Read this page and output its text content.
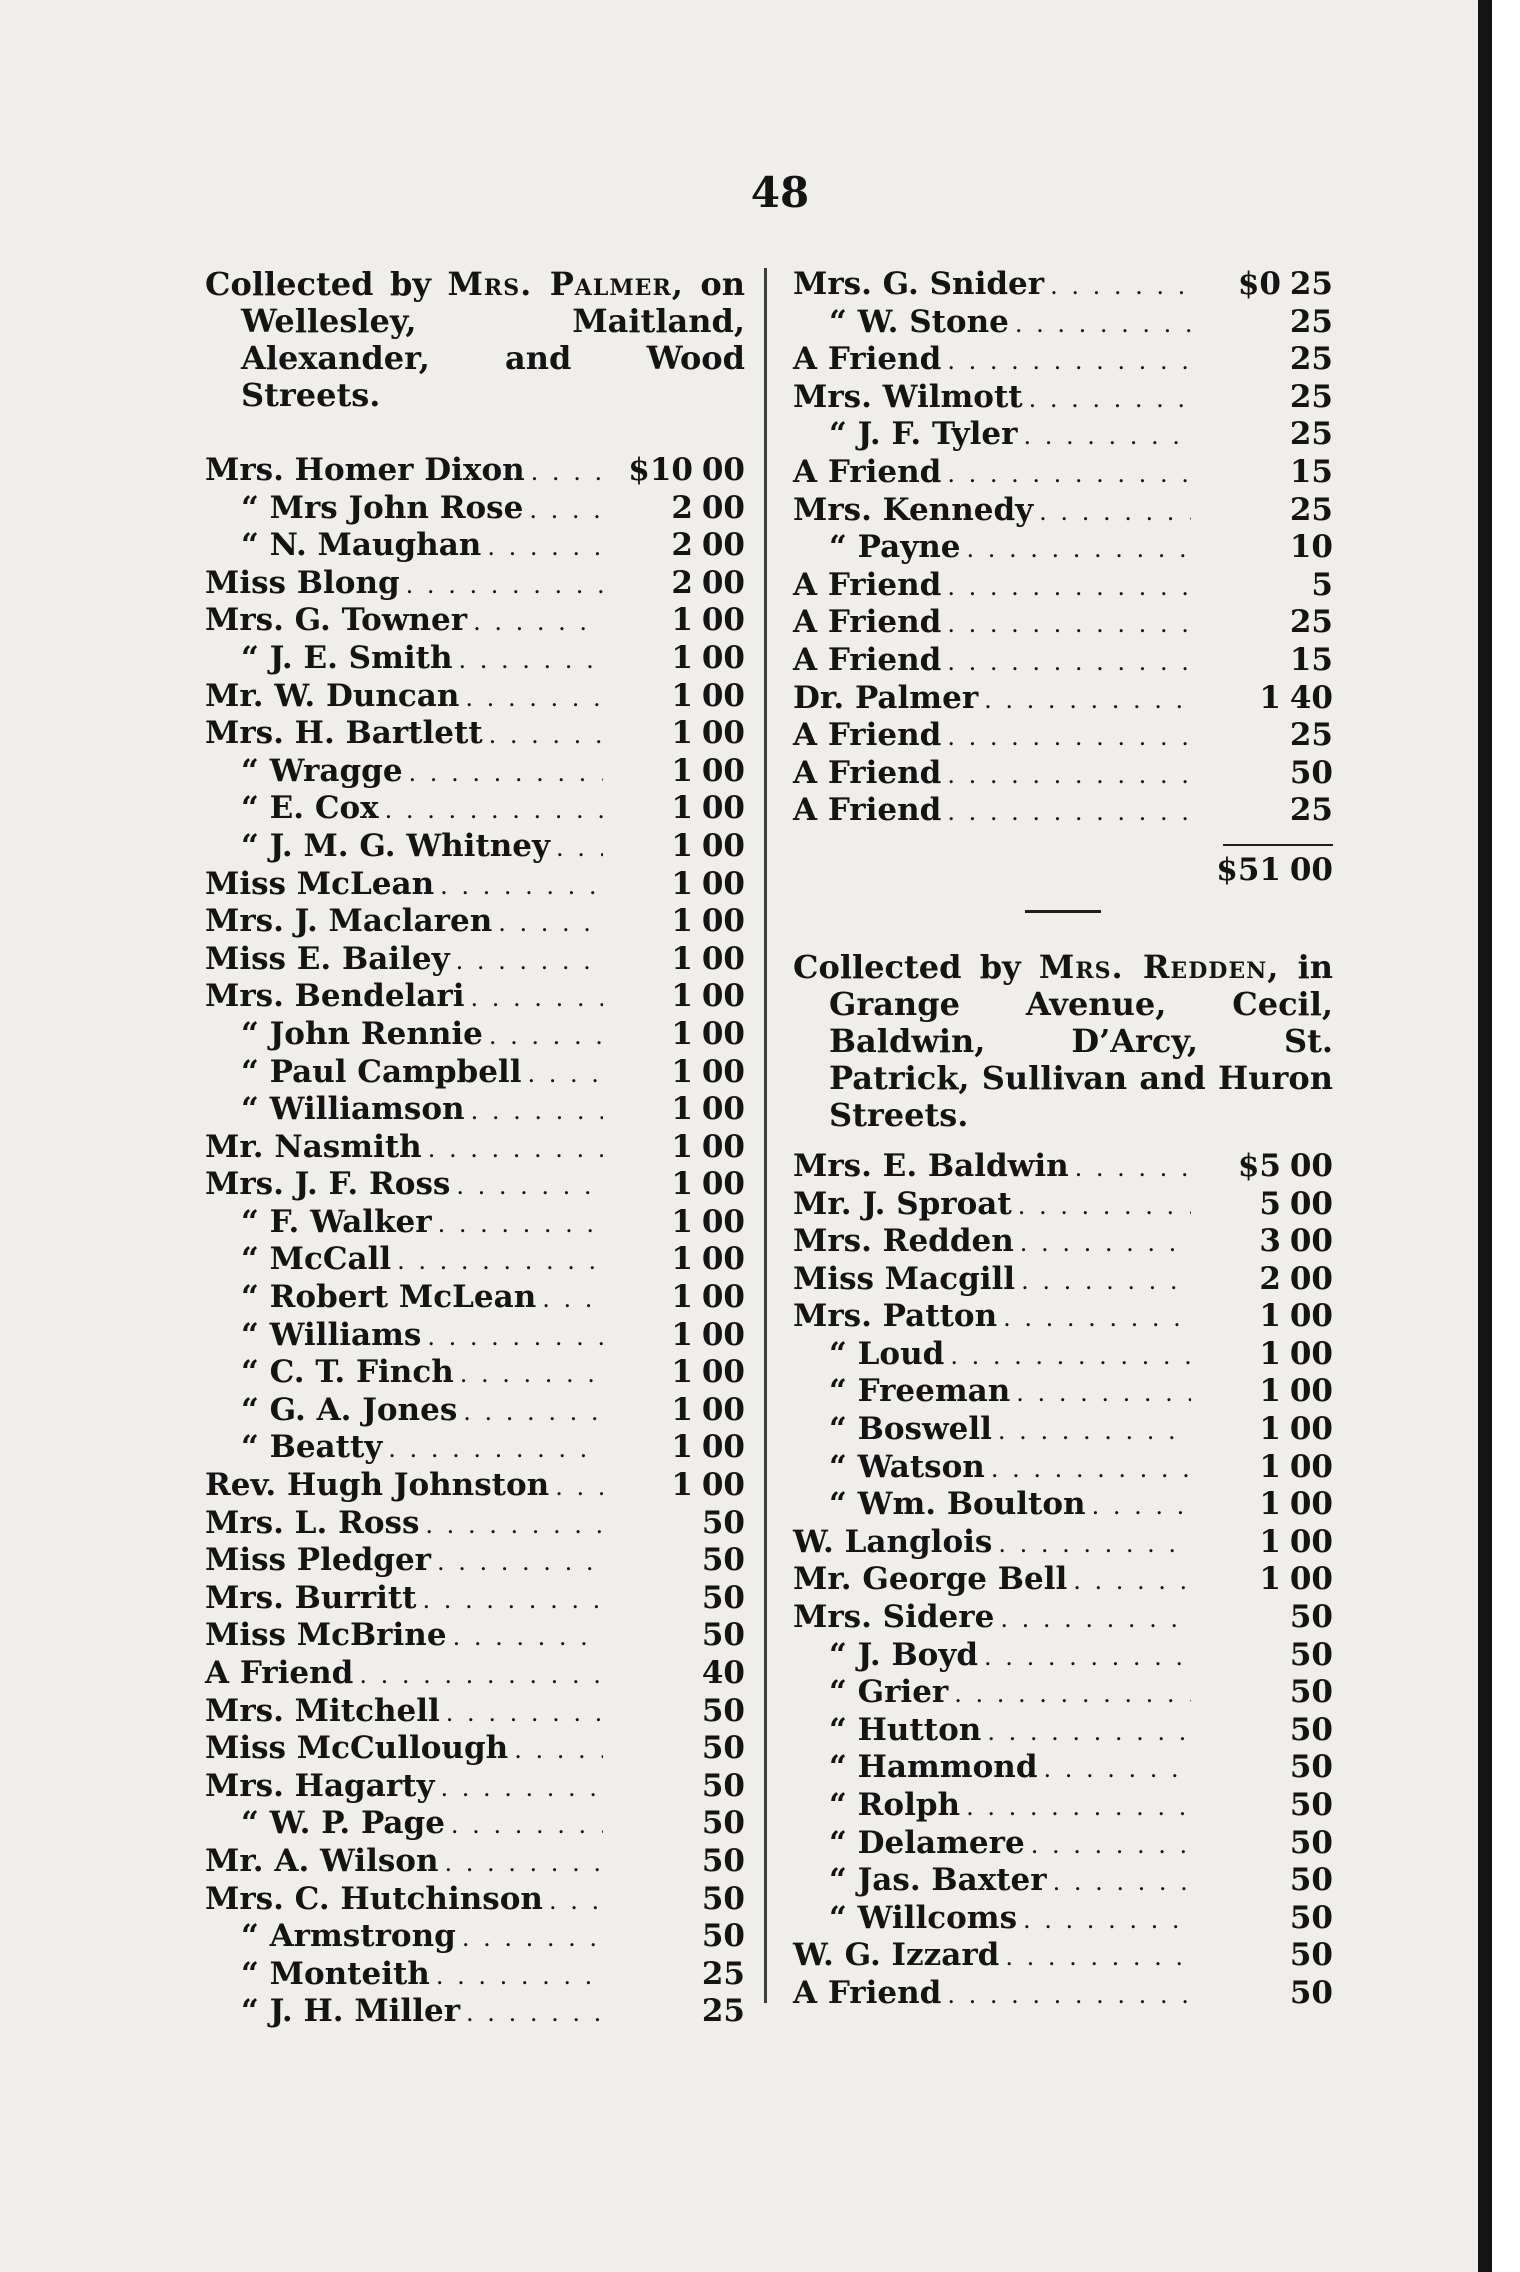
48
Collected by Mrs. Palmer, on Wellesley, Maitland, Alexander, and Wood Streets.
Mrs. Homer Dixon . . .	$10 00
“ Mrs John Rose . . .	2 00
“ N. Maughan . . .	2 00
Miss Blong . . .	2 00
Mrs. G. Towner . . .	1 00
“ J. E. Smith . . .	1 00
Mr. W. Duncan . . .	1 00
Mrs. H. Bartlett . . .	1 00
“ Wragge . . .	1 00
“ E. Cox . . .	1 00
“ J. M. G. Whitney . . .	1 00
Miss McLean . . .	1 00
Mrs. J. Maclaren . . .	1 00
Miss E. Bailey . . .	1 00
Mrs. Bendelari . . .	1 00
“ John Rennie . . .	1 00
“ Paul Campbell . . .	1 00
“ Williamson . . .	1 00
Mr. Nasmith . . .	1 00
Mrs. J. F. Ross . . .	1 00
“ F. Walker . . .	1 00
“ McCall . . .	1 00
“ Robert McLean . . .	1 00
“ Williams . . .	1 00
“ C. T. Finch . . .	1 00
“ G. A. Jones . . .	1 00
“ Beatty . . .	1 00
Rev. Hugh Johnston . . .	1 00
Mrs. L. Ross . . .	50
Miss Pledger . . .	50
Mrs. Burritt . . .	50
Miss McBrine . . .	50
A Friend . . .	40
Mrs. Mitchell . . .	50
Miss McCullough . . .	50
Mrs. Hagarty . . .	50
“ W. P. Page . . .	50
Mr. A. Wilson . . .	50
Mrs. C. Hutchinson . . .	50
“ Armstrong . . .	50
“ Monteith . . .	25
“ J. H. Miller . . .	25
Mrs. G. Snider . . .	$0 25
“ W. Stone . . .	25
A Friend . . .	25
Mrs. Wilmott . . .	25
“ J. F. Tyler . . .	25
A Friend . . .	15
Mrs. Kennedy . . .	25
“ Payne . . .	10
A Friend . . .	5
A Friend . . .	25
A Friend . . .	15
Dr. Palmer . . .	1 40
A Friend . . .	25
A Friend . . .	50
A Friend . . .	25
$51 00
Collected by Mrs. Redden, in Grange Avenue, Cecil, Baldwin, D’Arcy, St. Patrick, Sullivan and Huron Streets.
Mrs. E. Baldwin . . .	$5 00
Mr. J. Sproat . . .	5 00
Mrs. Redden . . .	3 00
Miss Macgill . . .	2 00
Mrs. Patton . . .	1 00
“ Loud . . .	1 00
“ Freeman . . .	1 00
“ Boswell . . .	1 00
“ Watson . . .	1 00
“ Wm. Boulton . . .	1 00
W. Langlois . . .	1 00
Mr. George Bell . . .	1 00
Mrs. Sidere . . .	50
“ J. Boyd . . .	50
“ Grier . . .	50
“ Hutton . . .	50
“ Hammond . . .	50
“ Rolph . . .	50
“ Delamere . . .	50
“ Jas. Baxter . . .	50
“ Willcoms . . .	50
W. G. Izzard . . .	50
A Friend . . .	50
